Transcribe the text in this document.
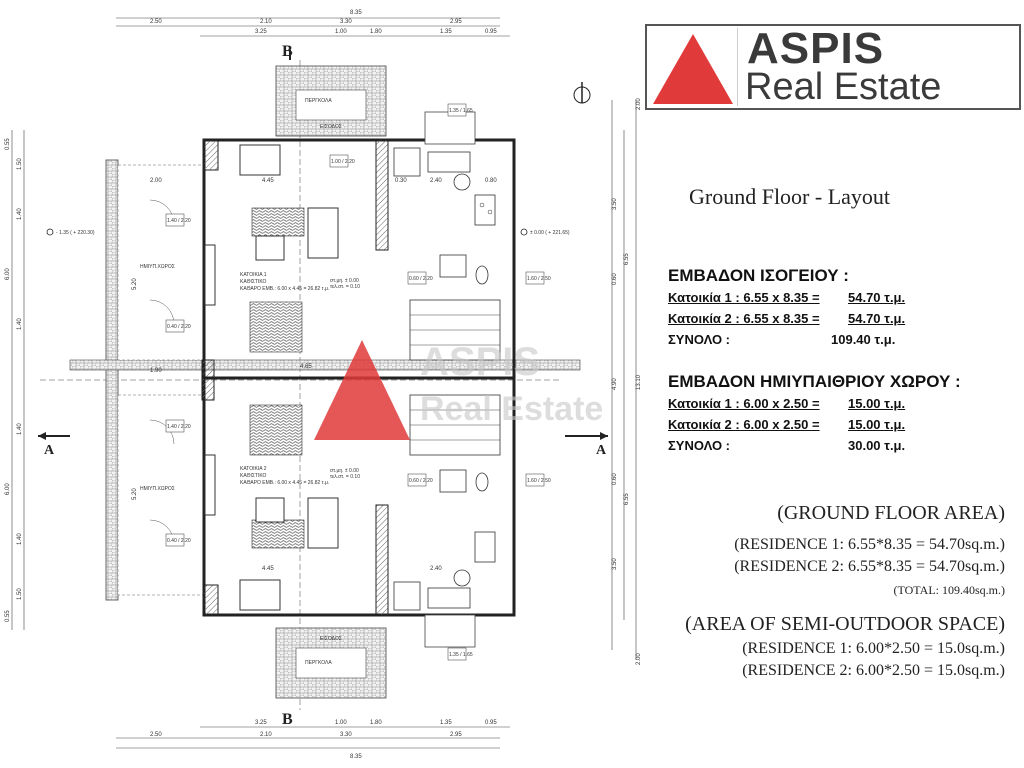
8.35
2.50	2.10	3.30	2.95
3.25	1.00	1.80	1.35	0.95
3.25	1.00	1.80	1.35	0.95
2.50	2.10	3.30	2.95
8.35
0.55
1.50
1.40
6.00
1.40
1.40
6.00
1.40
1.50
0.55
2.00
3.50
6.55
0.60
4.90	13.10
0.60
6.55
3.50
2.00
B
B
A	A
ΠΕΡΓΚΟΛΑ
ΕΙΣΟΔΟΣ
ΠΕΡΓΚΟΛΑ
ΕΙΣΟΔΟΣ
ΗΜΙΥΠ.ΧΩΡΟΣ
ΗΜΙΥΠ.ΧΩΡΟΣ
2.00
1.90
5.20
5.20
4.45
4.45
4.65
0.30	2.40
2.40
0.80
ΚΑΤΟΙΚΙΑ 1
ΚΑΘΙΣΤΙΚΟ
ΚΑΘΑΡΟ ΕΜΒ.: 6.00 x 4.45 = 26.82 τ.μ.
στ.μη. ± 0.00
τελ.στ. = 0.10
ΚΑΤΟΙΚΙΑ 2
ΚΑΘΙΣΤΙΚΟ
ΚΑΘΑΡΟ ΕΜΒ.: 6.00 x 4.45 = 26.82 τ.μ.
στ.μη. ± 0.00
τελ.στ. = 0.10
1.35 / 1.65
1.00 / 2.20
0.60 / 2.20	1.60 / 2.50
1.40 / 2.20
0.40 / 2.20
1.40 / 2.20
0.40 / 2.20
0.60 / 2.20	1.60 / 2.50
1.35 / 1.65
- 1.35 ( + 220.30)	± 0.00 ( + 221.65)
ASPIS
Real Estate
ASPIS
Real Estate
Ground Floor - Layout
ΕΜΒΑΔΟΝ ΙΣΟΓΕΙΟΥ :
Κατοικία 1 : 6.55 x 8.35 = 54.70 τ.μ.
Κατοικία 2 : 6.55 x 8.35 = 54.70 τ.μ.
ΣΥΝΟΛΟ :	109.40 τ.μ.
ΕΜΒΑΔΟΝ ΗΜΙΥΠΑΙΘΡΙΟΥ ΧΩΡΟΥ :
Κατοικία 1 : 6.00 x 2.50 = 15.00 τ.μ.
Κατοικία 2 : 6.00 x 2.50 = 15.00 τ.μ.
ΣΥΝΟΛΟ :	30.00 τ.μ.
(GROUND FLOOR AREA)
(RESIDENCE 1: 6.55*8.35 = 54.70sq.m.)
(RESIDENCE 2: 6.55*8.35 = 54.70sq.m.)
(TOTAL: 109.40sq.m.)
(AREA OF SEMI-OUTDOOR SPACE)
(RESIDENCE 1: 6.00*2.50 = 15.0sq.m.)
(RESIDENCE 2: 6.00*2.50 = 15.0sq.m.)
